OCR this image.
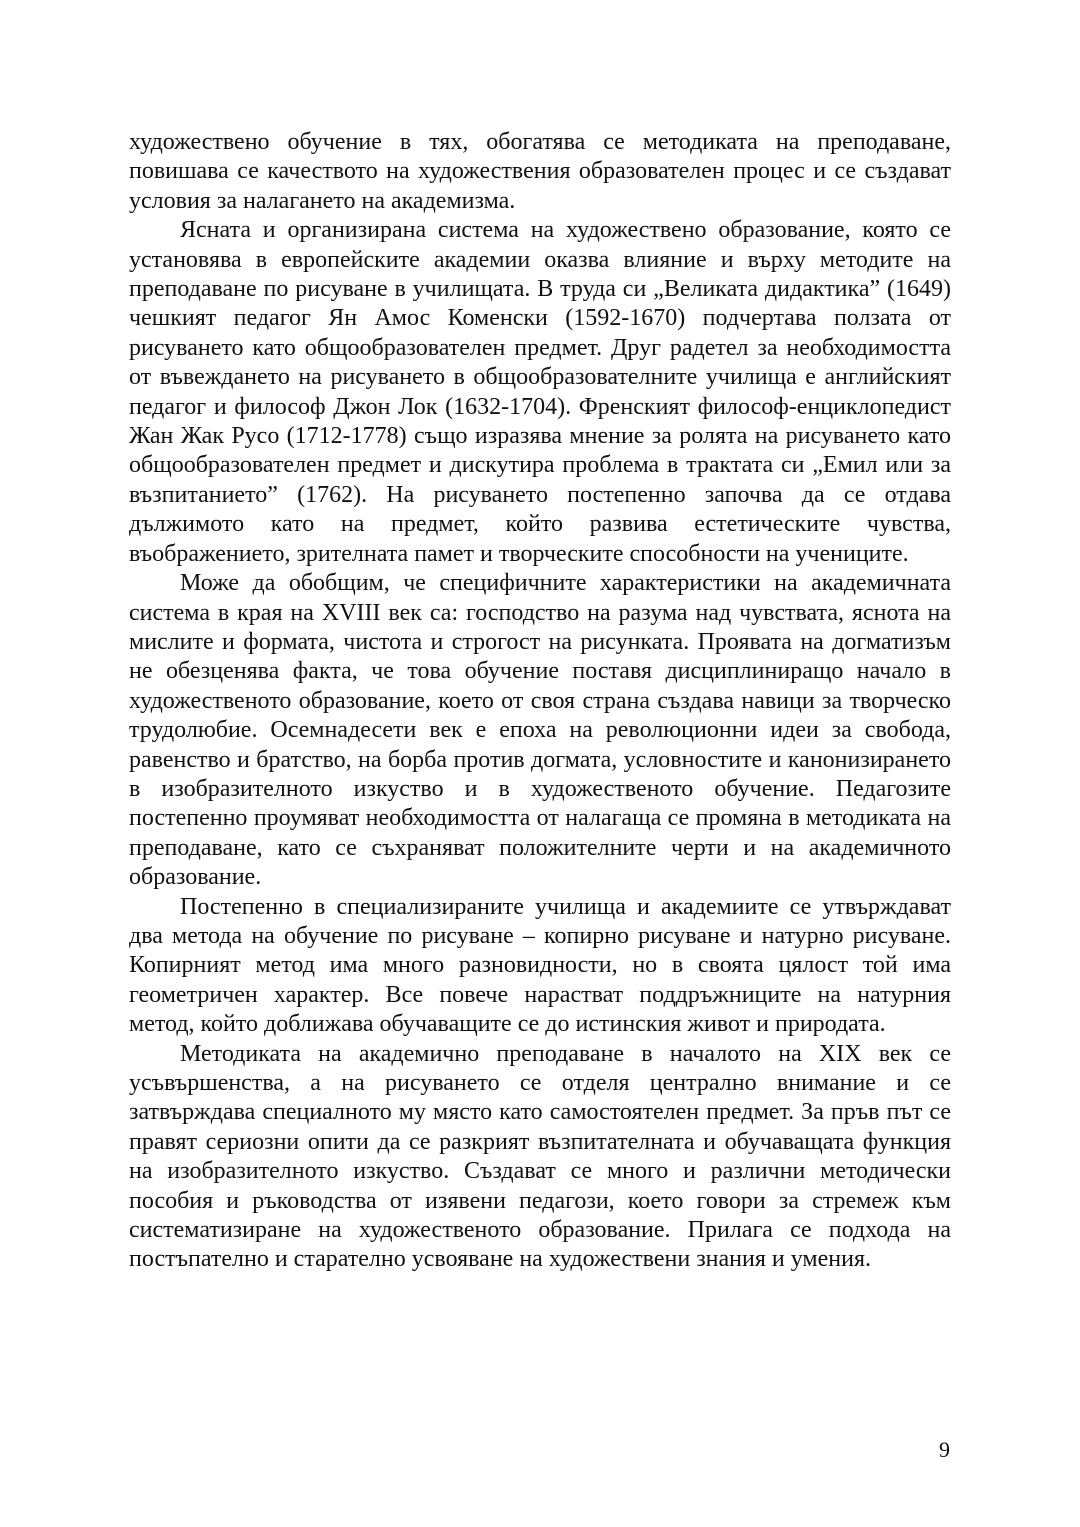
художествено обучение в тях, обогатява се методиката на преподаване, повишава се качеството на художествения образователен процес и се създават условия за налагането на академизма.

Ясната и организирана система на художествено образование, която се установява в европейските академии оказва влияние и върху методите на преподаване по рисуване в училищата. В труда си „Великата дидактика” (1649) чешкият педагог Ян Амос Коменски (1592-1670) подчертава ползата от рисуването като общообразователен предмет. Друг радетел за необходимостта от въвеждането на рисуването в общообразователните училища е английският педагог и философ Джон Лок (1632-1704). Френският философ-енциклопедист Жан Жак Русо (1712-1778) също изразява мнение за ролята на рисуването като общообразователен предмет и дискутира проблема в трактата си „Емил или за възпитанието” (1762). На рисуването постепенно започва да се отдава дължимото като на предмет, който развива естетическите чувства, въображението, зрителната памет и творческите способности на учениците.

Може да обобщим, че специфичните характеристики на академичната система в края на XVIII век са: господство на разума над чувствата, яснота на мислите и формата, чистота и строгост на рисунката. Проявата на догматизъм не обезценява факта, че това обучение поставя дисциплиниращо начало в художественото образование, което от своя страна създава навици за творческо трудолюбие. Осемнадесети век е епоха на революционни идеи за свобода, равенство и братство, на борба против догмата, условностите и канонизирането в изобразителното изкуство и в художественото обучение. Педагозите постепенно проумяват необходимостта от налагаща се промяна в методиката на преподаване, като се съхраняват положителните черти и на академичното образование.

Постепенно в специализираните училища и академиите се утвърждават два метода на обучение по рисуване – копирно рисуване и натурно рисуване. Копирният метод има много разновидности, но в своята цялост той има геометричен характер. Все повече нарастват поддръжниците на натурния метод, който доближава обучаващите се до истинския живот и природата.

Методиката на академично преподаване в началото на XIX век се усъвършенства, а на рисуването се отделя централно внимание и се затвърждава специалното му място като самостоятелен предмет. За пръв път се правят сериозни опити да се разкрият възпитателната и обучаващата функция на изобразителното изкуство. Създават се много и различни методически пособия и ръководства от изявени педагози, което говори за стремеж към систематизиране на художественото образование. Прилага се подхода на постъпателно и старателно усвояване на художествени знания и умения.

9
